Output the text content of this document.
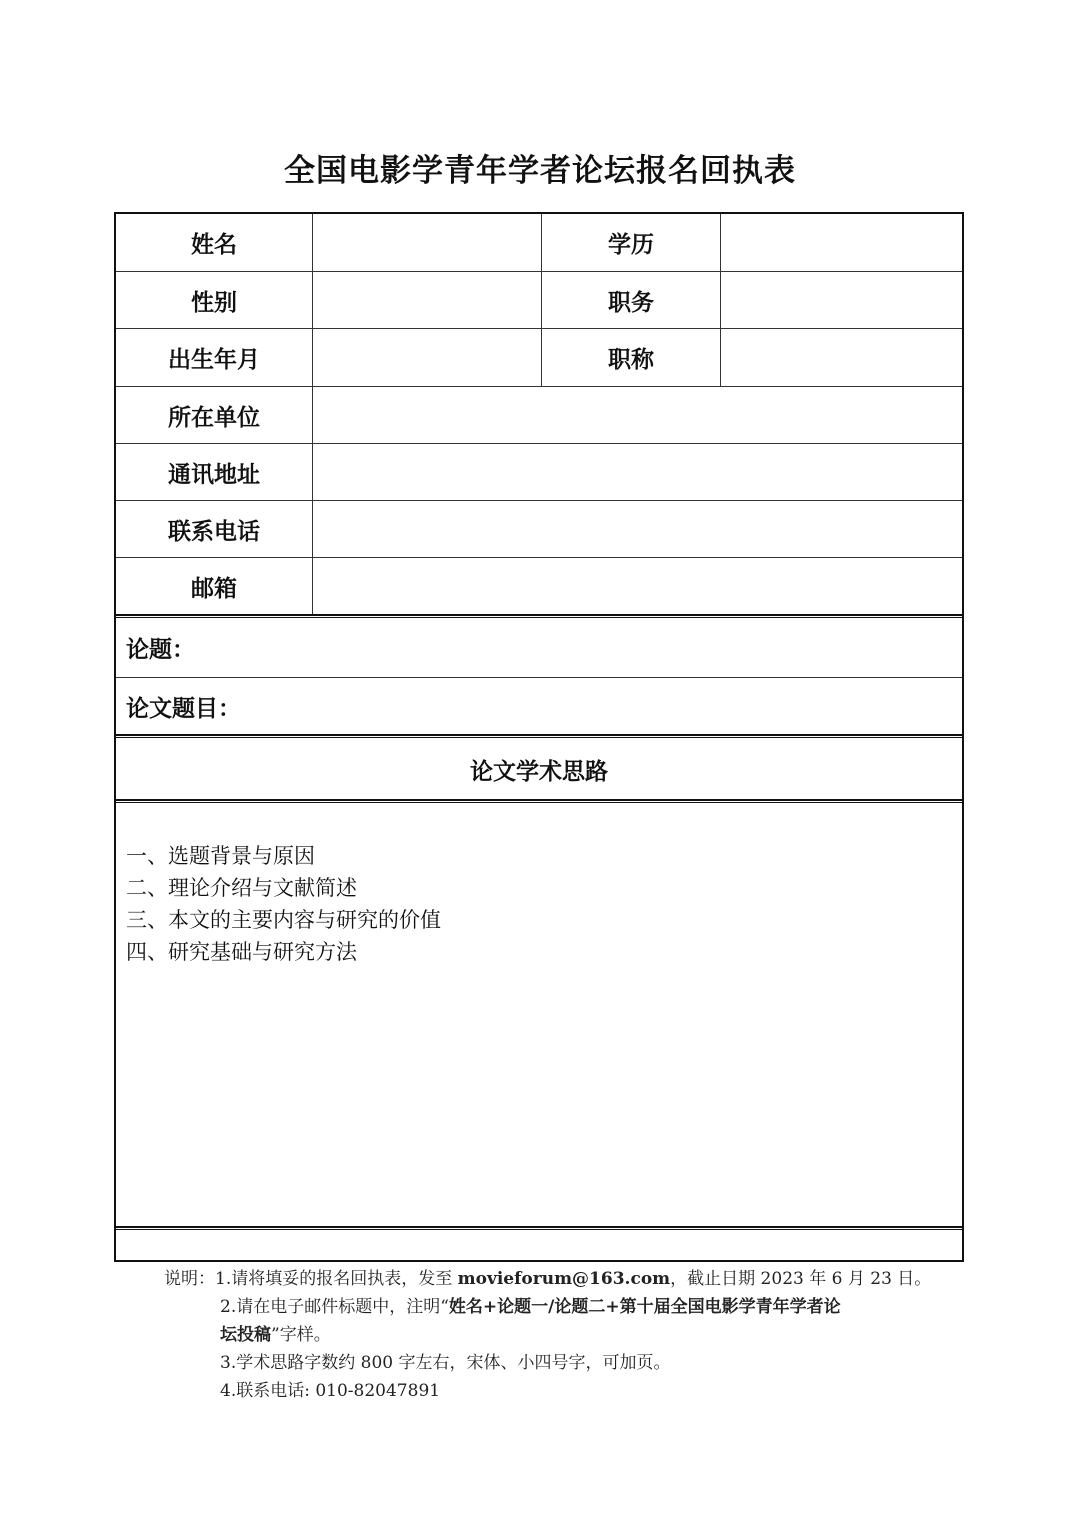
全国电影学青年学者论坛报名回执表
姓名	学历
性别	职务
出生年月	职称
所在单位
通讯地址
联系电话
邮箱
论题：
论文题目：
论文学术思路
一、选题背景与原因
二、理论介绍与文献简述
三、本文的主要内容与研究的价值
四、研究基础与研究方法
说明：1.请将填妥的报名回执表，发至 movieforum@163.com，截止日期 2023 年 6 月 23 日。
2.请在电子邮件标题中，注明“姓名+论题一/论题二+第十届全国电影学青年学者论
坛投稿”字样。
3.学术思路字数约 800 字左右，宋体、小四号字，可加页。
4.联系电话: 010-82047891
